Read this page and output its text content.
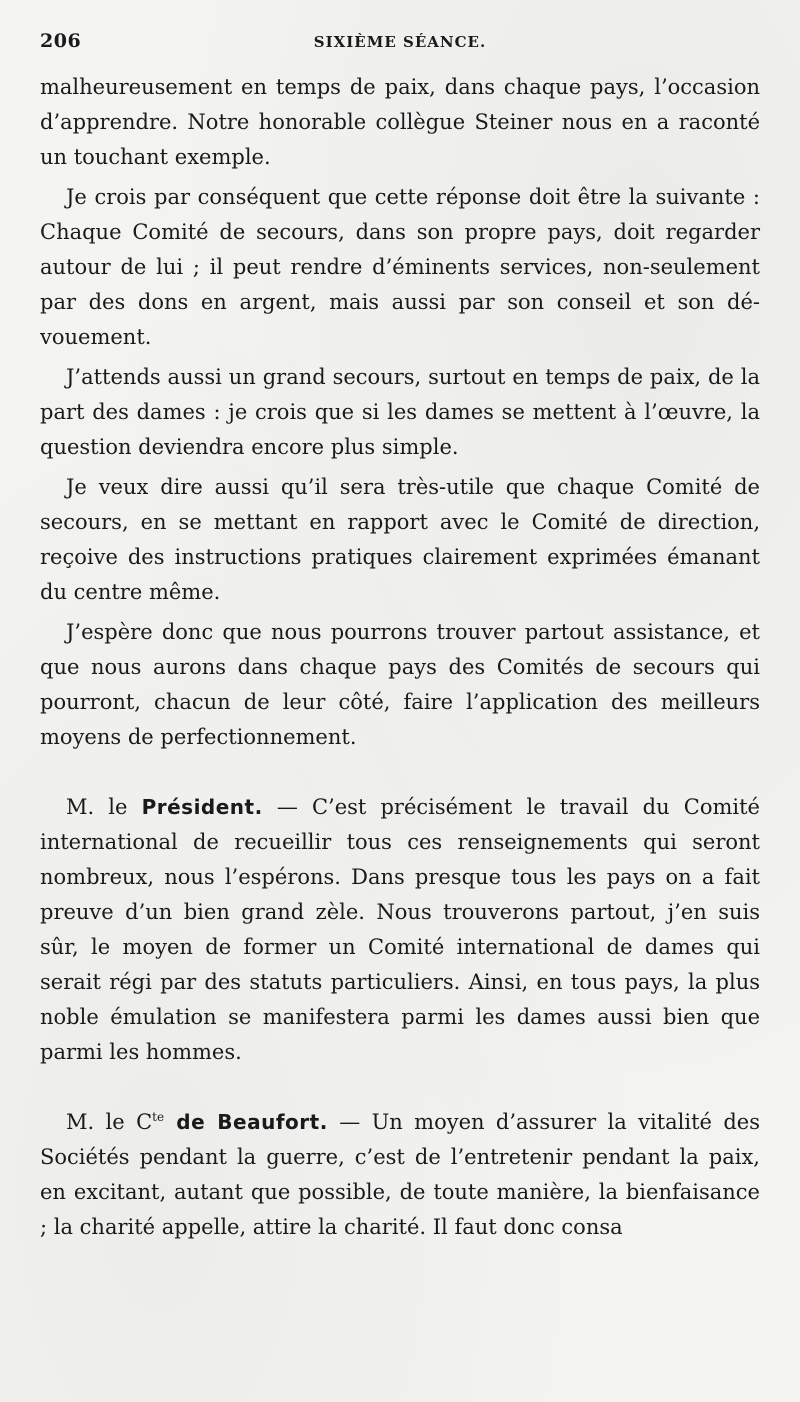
206	SIXIÈME SÉANCE.

malheureusement en temps de paix, dans chaque pays, l’occasion d’apprendre. Notre honorable collègue Steiner nous en a raconté un touchant exemple.

Je crois par conséquent que cette réponse doit être la suivante : Chaque Comité de secours, dans son propre pays, doit regarder autour de lui ; il peut rendre d’éminents services, non-seulement par des dons en argent, mais aussi par son conseil et son dévouement.

J’attends aussi un grand secours, surtout en temps de paix, de la part des dames : je crois que si les dames se mettent à l’œuvre, la question deviendra encore plus simple.

Je veux dire aussi qu’il sera très-utile que chaque Comité de secours, en se mettant en rapport avec le Comité de direction, reçoive des instructions pratiques clairement exprimées émanant du centre même.

J’espère donc que nous pourrons trouver partout assistance, et que nous aurons dans chaque pays des Comités de secours qui pourront, chacun de leur côté, faire l’application des meilleurs moyens de perfectionnement.

M. le Président. — C’est précisément le travail du Comité international de recueillir tous ces renseignements qui seront nombreux, nous l’espérons. Dans presque tous les pays on a fait preuve d’un bien grand zèle. Nous trouverons partout, j’en suis sûr, le moyen de former un Comité international de dames qui serait régi par des statuts particuliers. Ainsi, en tous pays, la plus noble émulation se manifestera parmi les dames aussi bien que parmi les hommes.

M. le $C^{te}$ de Beaufort. — Un moyen d’assurer la vitalité des Sociétés pendant la guerre, c’est de l’entretenir pendant la paix, en excitant, autant que possible, de toute manière, la bienfaisance ; la charité appelle, attire la charité. Il faut donc consa
